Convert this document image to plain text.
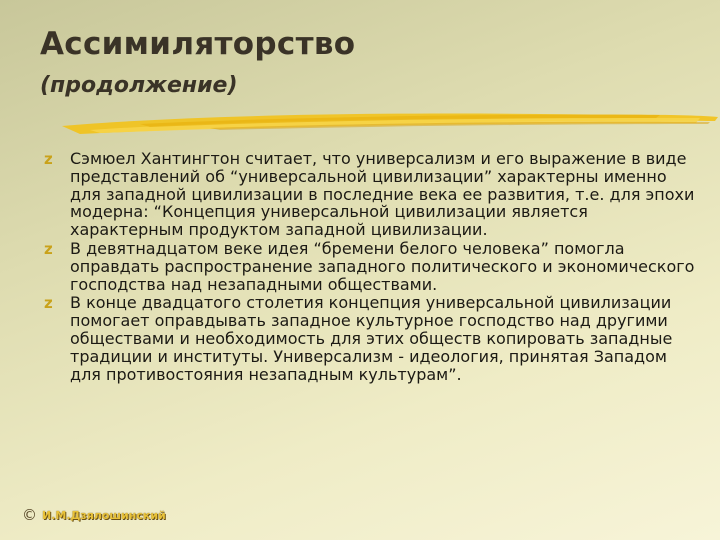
Ассимиляторство
(продолжение)
z Сэмюел Хантингтон считает, что универсализм и его выражение в виде представлений об “универсальной цивилизации” характерны именно для западной цивилизации в последние века ее развития, т.е. для эпохи модерна: “Концепция универсальной цивилизации является характерным продуктом западной цивилизации.
z В девятнадцатом веке идея “бремени белого человека” помогла оправдать распространение западного политического и экономического господства над незападными обществами.
z В конце двадцатого столетия концепция универсальной цивилизации помогает оправдывать западное культурное господство над другими обществами и необходимость для этих обществ копировать западные традиции и институты. Универсализм - идеология, принятая Западом для противостояния незападным культурам”.
© И.М.Дзялошинский
